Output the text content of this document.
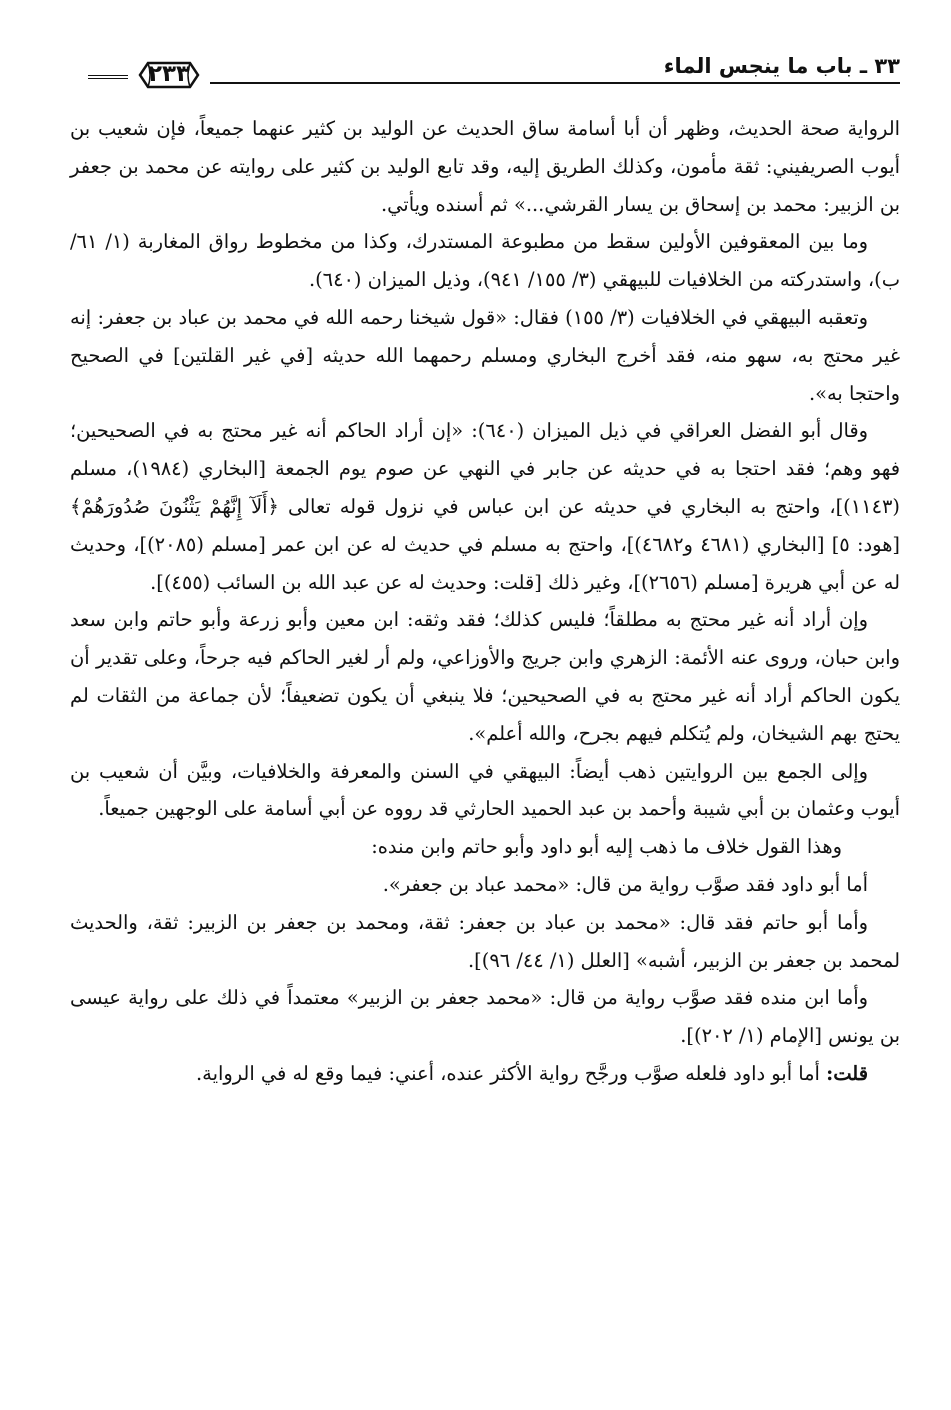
٣٣ ـ باب ما ينجس الماء
٢٣٣

الرواية صحة الحديث، وظهر أن أبا أسامة ساق الحديث عن الوليد بن كثير عنهما جميعاً، فإن شعيب بن أيوب الصريفيني: ثقة مأمون، وكذلك الطريق إليه، وقد تابع الوليد بن كثير على روايته عن محمد بن جعفر بن الزبير: محمد بن إسحاق بن يسار القرشي...» ثم أسنده ويأتي.

وما بين المعقوفين الأولين سقط من مطبوعة المستدرك، وكذا من مخطوط رواق المغاربة (١/ ٦١/ب)، واستدركته من الخلافيات للبيهقي (٣/ ١٥٥/ ٩٤١)، وذيل الميزان (٦٤٠).

وتعقبه البيهقي في الخلافيات (٣/ ١٥٥) فقال: «قول شيخنا رحمه الله في محمد بن عباد بن جعفر: إنه غير محتج به، سهو منه، فقد أخرج البخاري ومسلم رحمهما الله حديثه [في غير القلتين] في الصحيح واحتجا به».

وقال أبو الفضل العراقي في ذيل الميزان (٦٤٠): «إن أراد الحاكم أنه غير محتج به في الصحيحين؛ فهو وهم؛ فقد احتجا به في حديثه عن جابر في النهي عن صوم يوم الجمعة [البخاري (١٩٨٤)، مسلم (١١٤٣)]، واحتج به البخاري في حديثه عن ابن عباس في نزول قوله تعالى ﴿أَلَآ إِنَّهُمْ يَثْنُونَ صُدُورَهُمْ﴾ [هود: ٥] [البخاري (٤٦٨١ و٤٦٨٢)]، واحتج به مسلم في حديث له عن ابن عمر [مسلم (٢٠٨٥)]، وحديث له عن أبي هريرة [مسلم (٢٦٥٦)]، وغير ذلك [قلت: وحديث له عن عبد الله بن السائب (٤٥٥)].

وإن أراد أنه غير محتج به مطلقاً؛ فليس كذلك؛ فقد وثقه: ابن معين وأبو زرعة وأبو حاتم وابن سعد وابن حبان، وروى عنه الأئمة: الزهري وابن جريج والأوزاعي، ولم أر لغير الحاكم فيه جرحاً، وعلى تقدير أن يكون الحاكم أراد أنه غير محتج به في الصحيحين؛ فلا ينبغي أن يكون تضعيفاً؛ لأن جماعة من الثقات لم يحتج بهم الشيخان، ولم يُتكلم فيهم بجرح، والله أعلم».

وإلى الجمع بين الروايتين ذهب أيضاً: البيهقي في السنن والمعرفة والخلافيات، وبيَّن أن شعيب بن أيوب وعثمان بن أبي شيبة وأحمد بن عبد الحميد الحارثي قد رووه عن أبي أسامة على الوجهين جميعاً.

وهذا القول خلاف ما ذهب إليه أبو داود وأبو حاتم وابن منده:

أما أبو داود فقد صوَّب رواية من قال: «محمد عباد بن جعفر».

وأما أبو حاتم فقد قال: «محمد بن عباد بن جعفر: ثقة، ومحمد بن جعفر بن الزبير: ثقة، والحديث لمحمد بن جعفر بن الزبير، أشبه» [العلل (١/ ٤٤/ ٩٦)].

وأما ابن منده فقد صوَّب رواية من قال: «محمد جعفر بن الزبير» معتمداً في ذلك على رواية عيسى بن يونس [الإمام (١/ ٢٠٢)].

قلت: أما أبو داود فلعله صوَّب ورجَّح رواية الأكثر عنده، أعني: فيما وقع له في الرواية.
